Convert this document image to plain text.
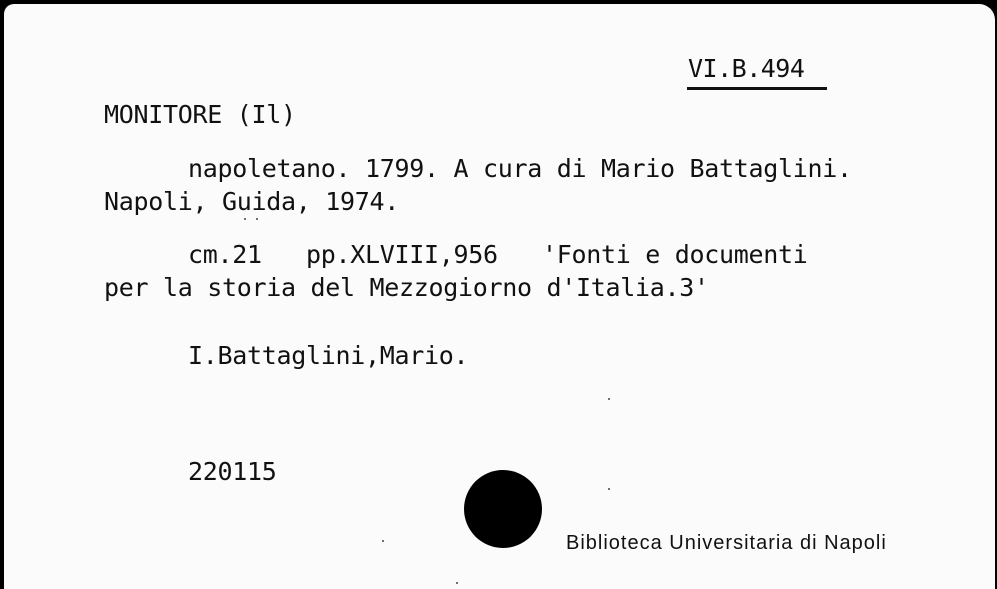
VI.B.494
MONITORE (Il)
napoletano. 1799. A cura di Mario Battaglini.
Napoli, Guida, 1974.
cm.21   pp.XLVIII,956   'Fonti e documenti
per la storia del Mezzogiorno d'Italia.3'
I.Battaglini,Mario.
220115
Biblioteca Universitaria di Napoli
